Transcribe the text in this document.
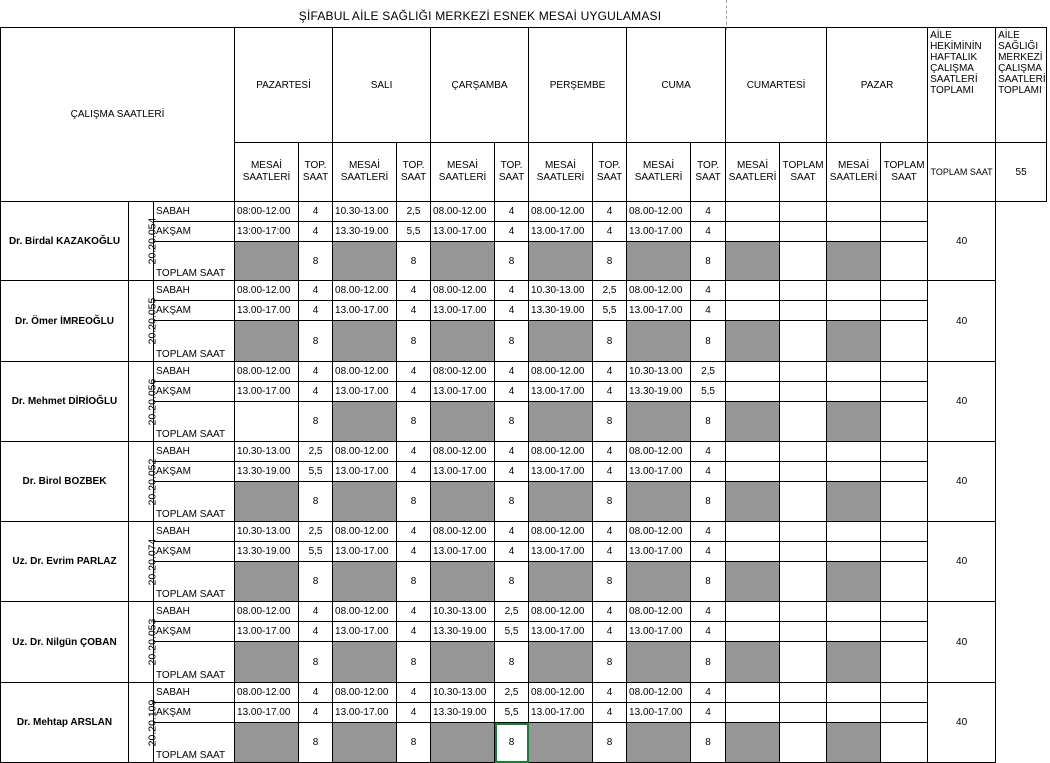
ŞİFABUL AİLE SAĞLIĞI MERKEZİ ESNEK MESAİ UYGULAMASI
ÇALIŞMA SAATLERİ			PAZARTESİ		SALI		ÇARŞAMBA		PERŞEMBE		CUMA		CUMARTESİ		PAZAR		AİLE HEKİMİNİN HAFTALIK ÇALIŞMA SAATLERİ TOPLAMI	AİLE SAĞLIĞI MERKEZİ ÇALIŞMA SAATLERİ TOPLAMI
			MESAİ SAATLERİ	TOP. SAAT	MESAİ SAATLERİ	TOP. SAAT	MESAİ SAATLERİ	TOP. SAAT	MESAİ SAATLERİ	TOP. SAAT	MESAİ SAATLERİ	TOP. SAAT	MESAİ SAATLERİ	TOPLAM SAAT	MESAİ SAATLERİ	TOPLAM SAAT	TOPLAM SAAT	55
Dr. Birdal KAZAKOĞLU	20.20.054	SABAH	08:00-12.00	4	10.30-13.00	2,5	08.00-12.00	4	08.00-12.00	4	08.00-12.00	4					40	
		AKŞAM	13:00-17:00	4	13.30-19.00	5,5	13.00-17.00	4	13.00-17.00	4	13.00-17.00	4						
		TOPLAM SAAT		8		8		8		8		8						
Dr. Ömer İMREOĞLU	20.20.055	SABAH	08.00-12.00	4	08.00-12.00	4	08.00-12.00	4	10.30-13.00	2,5	08.00-12.00	4					40	
		AKŞAM	13.00-17.00	4	13.00-17.00	4	13.00-17.00	4	13.30-19.00	5,5	13.00-17.00	4						
		TOPLAM SAAT		8		8		8		8		8						
Dr. Mehmet DİRİOĞLU	20.20.056	SABAH	08.00-12.00	4	08.00-12.00	4	08:00-12.00	4	08.00-12.00	4	10.30-13.00	2,5					40	
		AKŞAM	13.00-17.00	4	13.00-17.00	4	13.00-17.00	4	13.00-17.00	4	13.30-19.00	5,5						
		TOPLAM SAAT		8		8		8		8		8						
Dr. Birol BOZBEK	20.20.052	SABAH	10.30-13.00	2,5	08.00-12.00	4	08.00-12.00	4	08.00-12.00	4	08.00-12.00	4					40	
		AKŞAM	13.30-19.00	5,5	13.00-17.00	4	13.00-17.00	4	13.00-17.00	4	13.00-17.00	4						
		TOPLAM SAAT		8		8		8		8		8						
Uz. Dr. Evrim PARLAZ	20.20.074	SABAH	10.30-13.00	2,5	08.00-12.00	4	08.00-12.00	4	08.00-12.00	4	08.00-12.00	4					40	
		AKŞAM	13.30-19.00	5,5	13.00-17.00	4	13.00-17.00	4	13.00-17.00	4	13.00-17.00	4						
		TOPLAM SAAT		8		8		8		8		8						
Uz. Dr. Nilgün ÇOBAN	20.20.053	SABAH	08.00-12.00	4	08.00-12.00	4	10.30-13.00	2,5	08.00-12.00	4	08.00-12.00	4					40	
		AKŞAM	13.00-17.00	4	13.00-17.00	4	13.30-19.00	5,5	13.00-17.00	4	13.00-17.00	4						
		TOPLAM SAAT		8		8		8		8		8						
Dr. Mehtap ARSLAN	20.20.109	SABAH	08.00-12.00	4	08.00-12.00	4	10.30-13.00	2,5	08.00-12.00	4	08.00-12.00	4					40	
		AKŞAM	13.00-17.00	4	13.00-17.00	4	13.30-19.00	5,5	13.00-17.00	4	13.00-17.00	4						
		TOPLAM SAAT		8		8		8		8		8						
